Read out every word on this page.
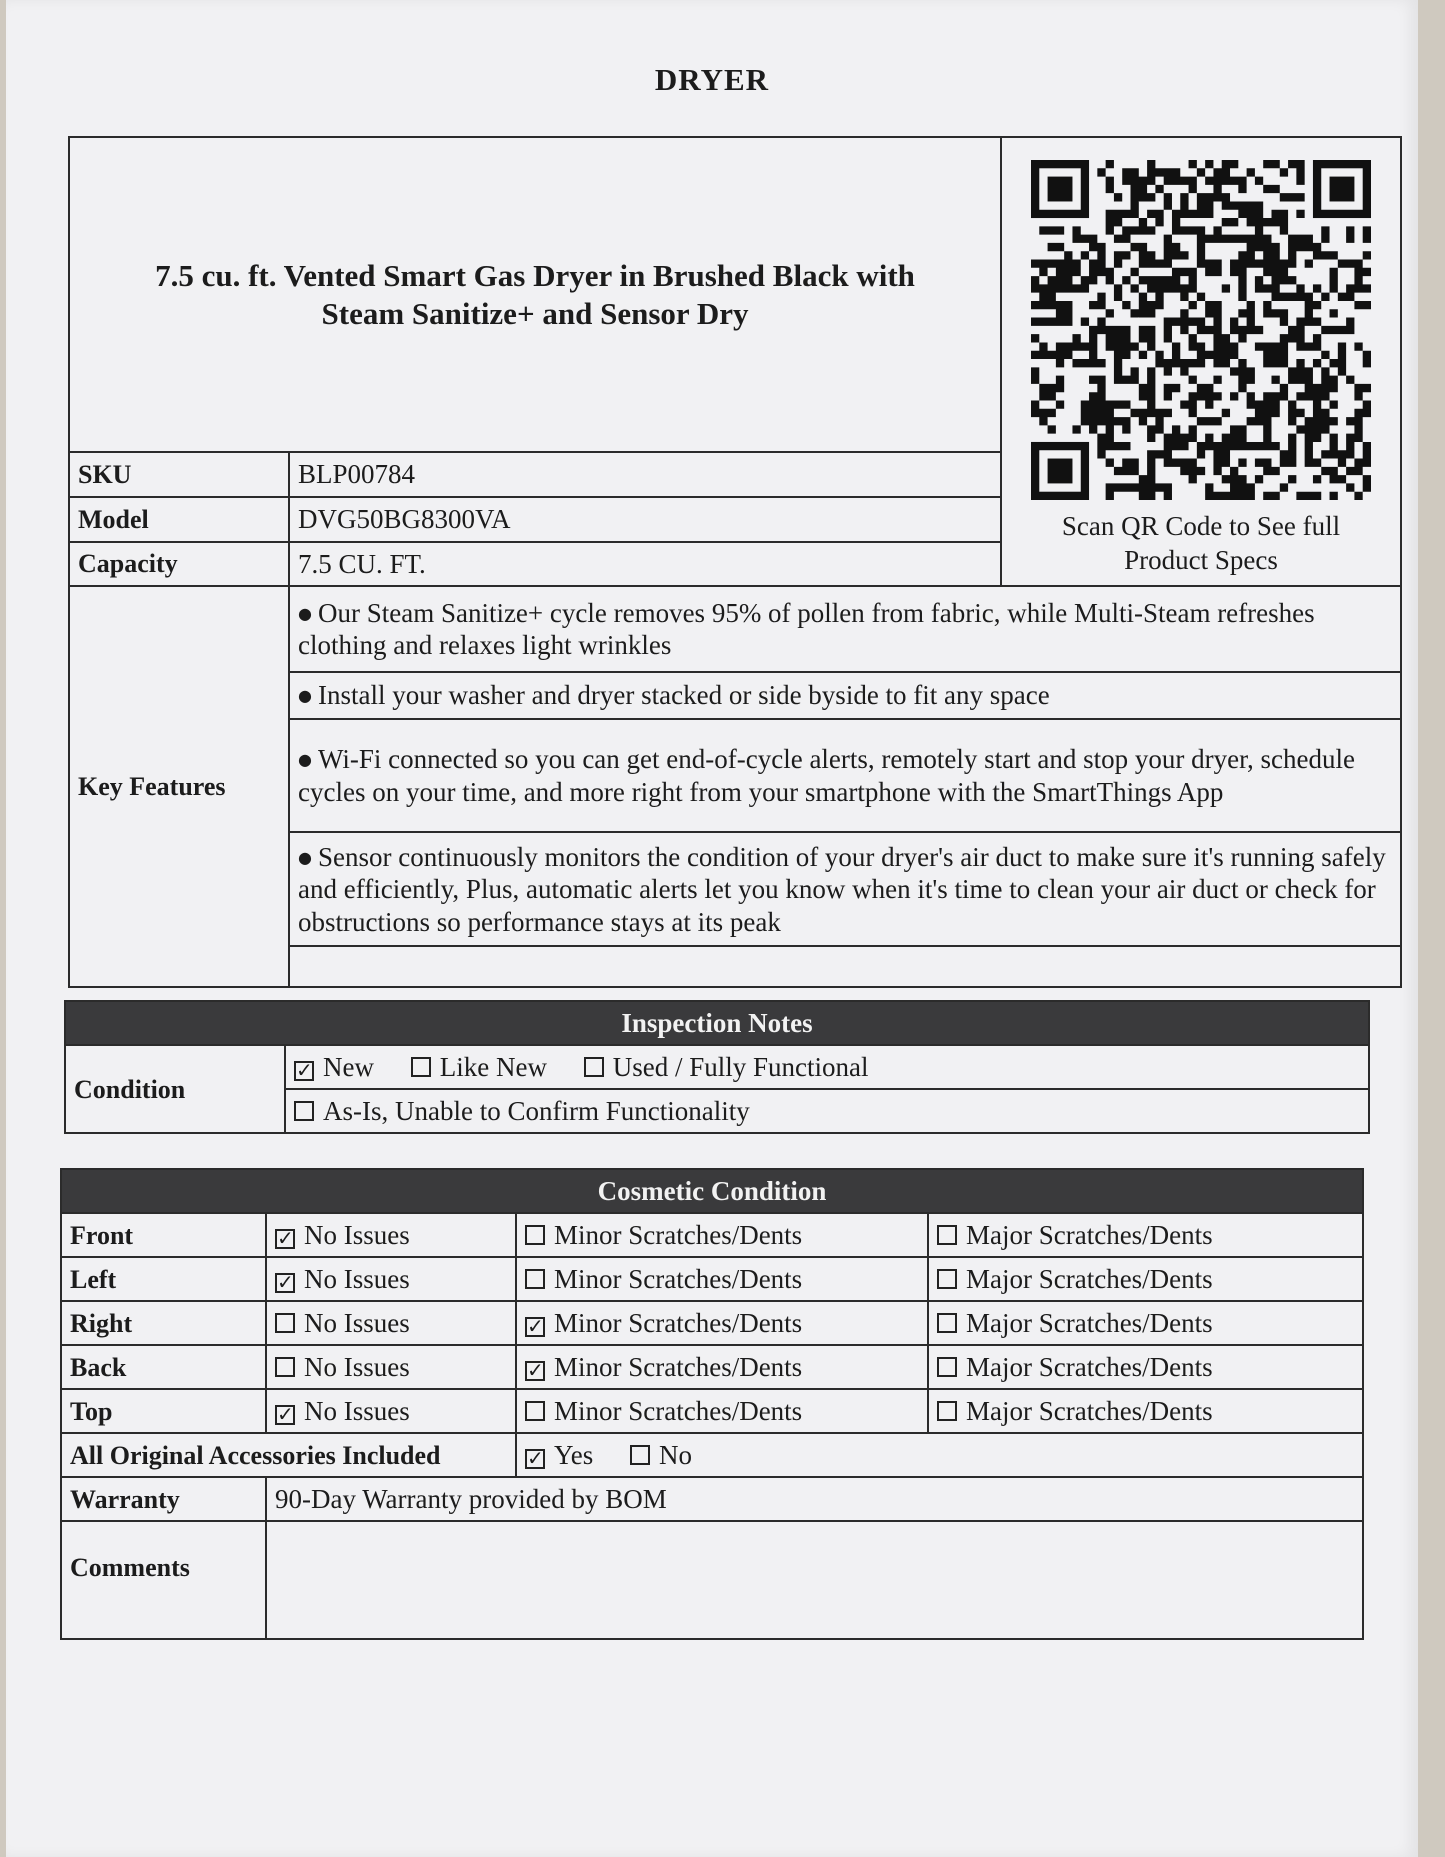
DRYER
7.5 cu. ft. Vented Smart Gas Dryer in Brushed Black with Steam Sanitize+ and Sensor Dry		Scan QR Code to See full Product Specs

SKU	BLP00784	
Model	DVG50BG8300VA	
Capacity	7.5 CU. FT.	
Key Features	● Our Steam Sanitize+ cycle removes 95% of pollen from fabric, while Multi-Steam refreshes clothing and relaxes light wrinkles	
	● Install your washer and dryer stacked or side byside to fit any space	
	● Wi-Fi connected so you can get end-of-cycle alerts, remotely start and stop your dryer, schedule cycles on your time, and more right from your smartphone with the SmartThings App	
	● Sensor continuously monitors the condition of your dryer's air duct to make sure it's running safely and efficiently, Plus, automatic alerts let you know when it's time to clean your air duct or check for obstructions so performance stays at its peak	

Inspection Notes
Condition	✓ New Like New Used / Fully Functional
As-Is, Unable to Confirm Functionality
Cosmetic Condition			
Front	✓ No Issues	Minor Scratches/Dents	Major Scratches/Dents
Left	✓ No Issues	Minor Scratches/Dents	Major Scratches/Dents
Right	No Issues	✓ Minor Scratches/Dents	Major Scratches/Dents
Back	No Issues	✓ Minor Scratches/Dents	Major Scratches/Dents
Top	✓ No Issues	Minor Scratches/Dents	Major Scratches/Dents
All Original Accessories Included		✓ Yes No	
Warranty	90-Day Warranty provided by BOM		
Comments			
